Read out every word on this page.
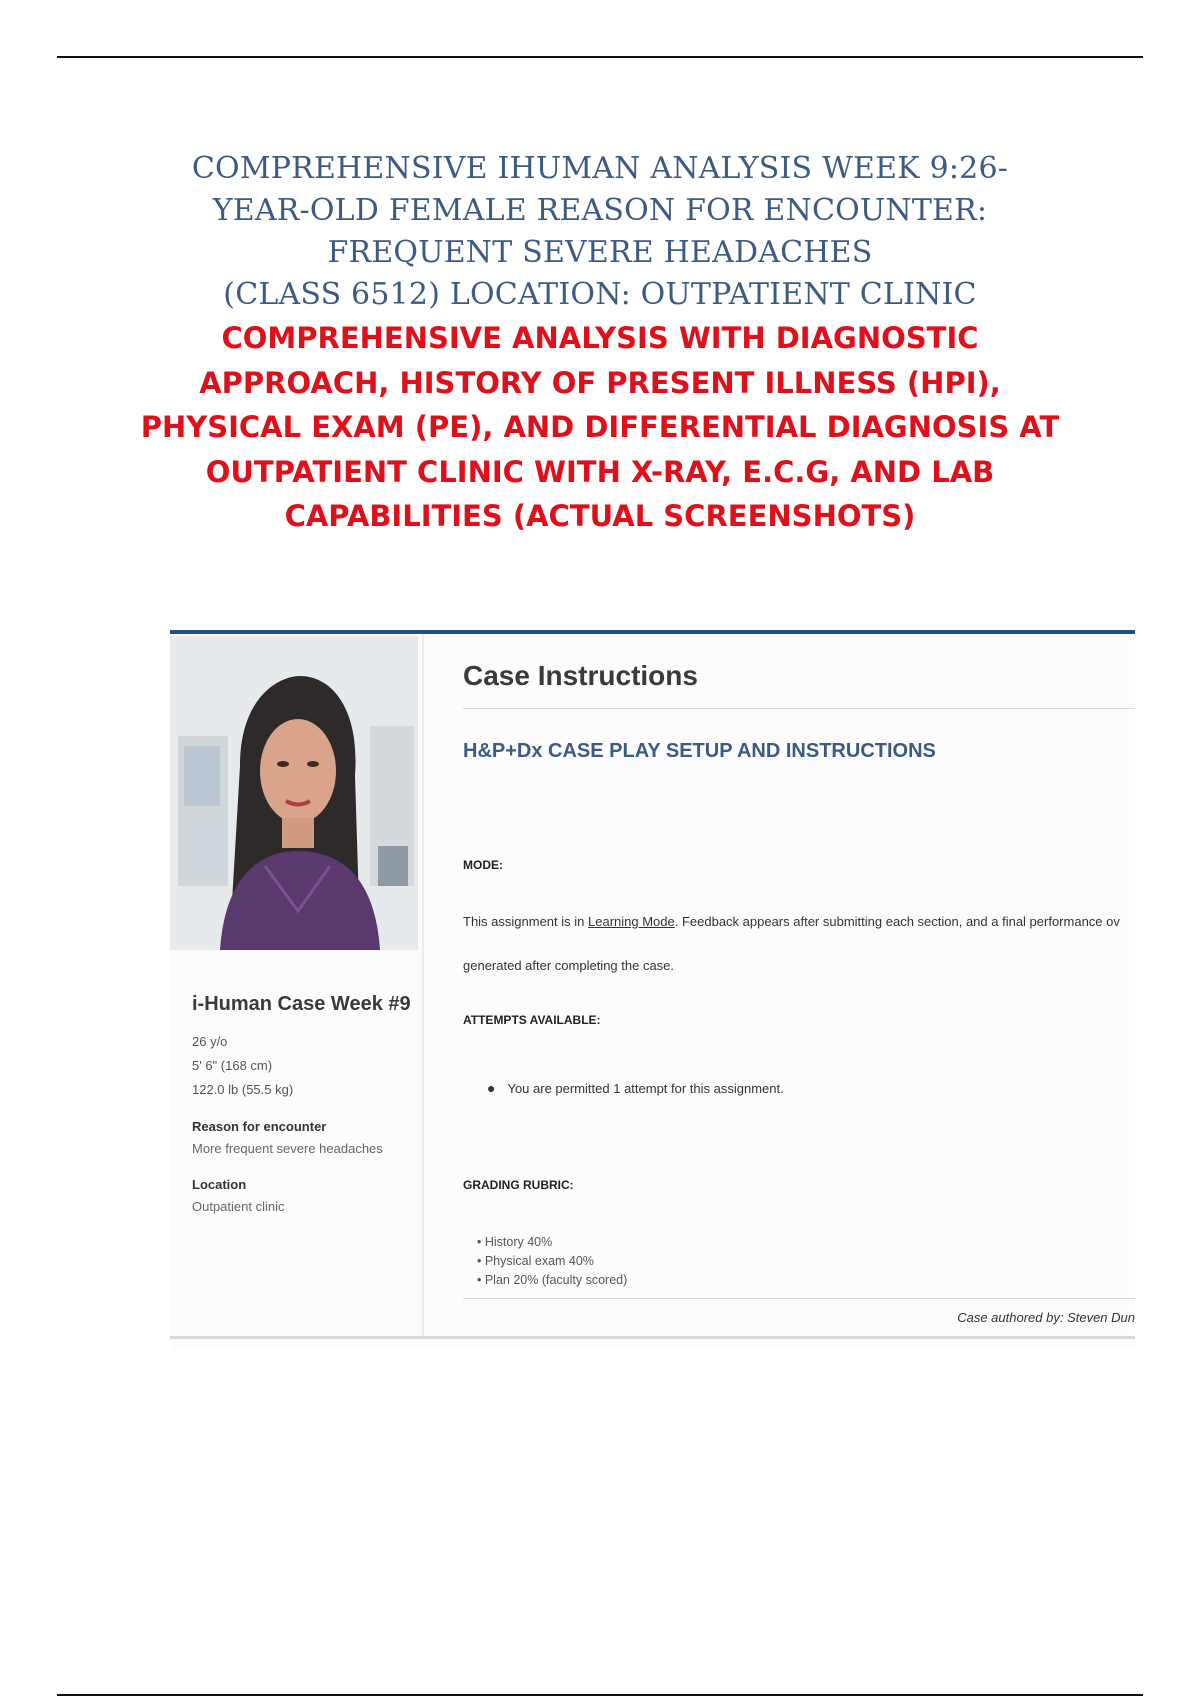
COMPREHENSIVE IHUMAN ANALYSIS WEEK 9:26-
YEAR-OLD FEMALE REASON FOR ENCOUNTER:
FREQUENT SEVERE HEADACHES
(CLASS 6512) LOCATION: OUTPATIENT CLINIC
COMPREHENSIVE ANALYSIS WITH DIAGNOSTIC
APPROACH, HISTORY OF PRESENT ILLNESS (HPI),
PHYSICAL EXAM (PE), AND DIFFERENTIAL DIAGNOSIS AT
OUTPATIENT CLINIC WITH X-RAY, E.C.G, AND LAB
CAPABILITIES (ACTUAL SCREENSHOTS)
i-Human Case Week #9
26 y/o
5' 6" (168 cm)
122.0 lb (55.5 kg)
Reason for encounter
More frequent severe headaches
Location
Outpatient clinic
Case Instructions
H&P+Dx CASE PLAY SETUP AND INSTRUCTIONS
MODE:
This assignment is in Learning Mode. Feedback appears after submitting each section, and a final performance ov
generated after completing the case.
ATTEMPTS AVAILABLE:
● You are permitted 1 attempt for this assignment.
GRADING RUBRIC:
• History 40%
• Physical exam 40%
• Plan 20% (faculty scored)
Case authored by: Steven Dun
